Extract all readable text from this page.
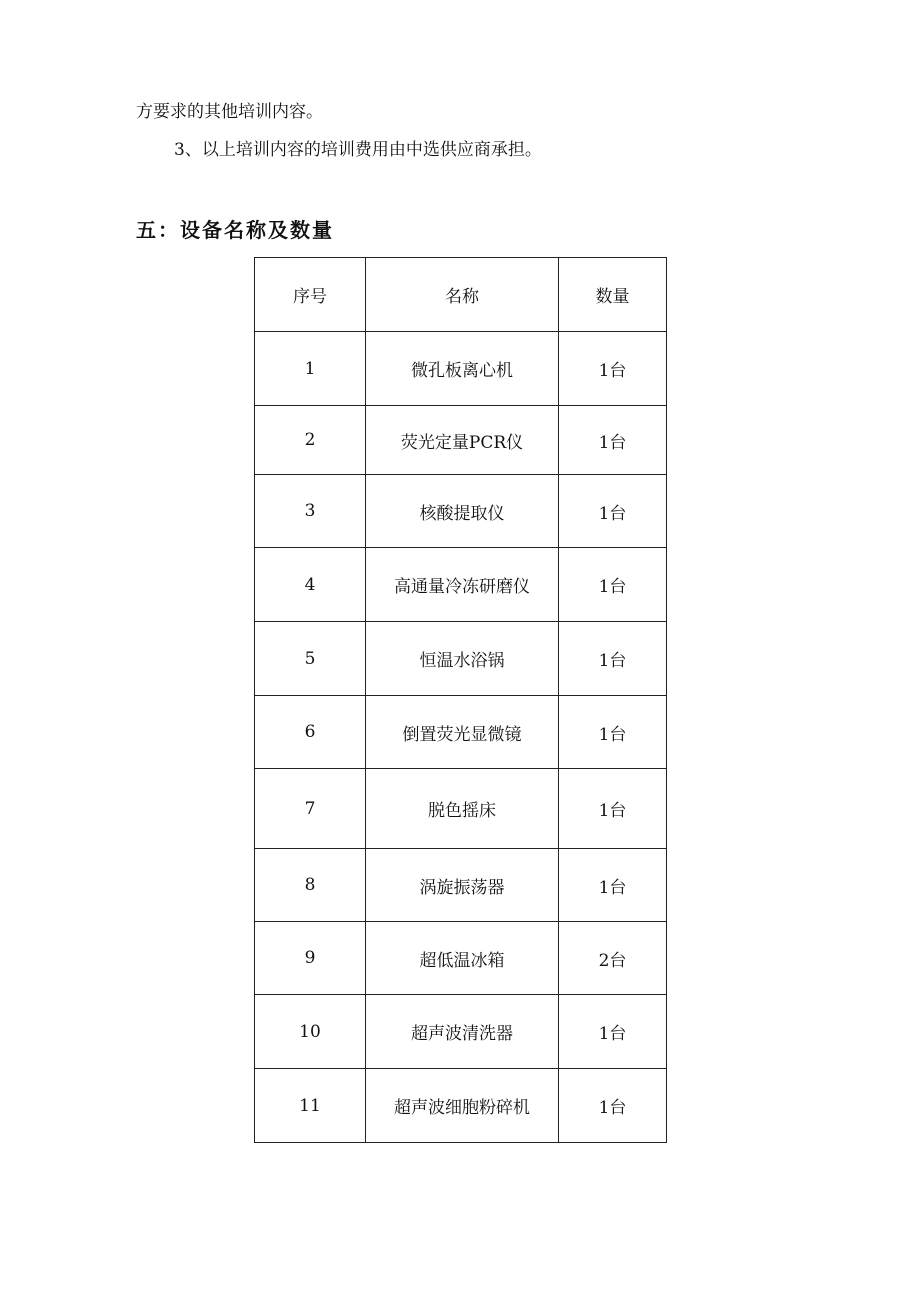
方要求的其他培训内容。
3、以上培训内容的培训费用由中选供应商承担。
五：设备名称及数量
序号	名称	数量
1	微孔板离心机	1台
2	荧光定量PCR仪	1台
3	核酸提取仪	1台
4	高通量冷冻研磨仪	1台
5	恒温水浴锅	1台
6	倒置荧光显微镜	1台
7	脱色摇床	1台
8	涡旋振荡器	1台
9	超低温冰箱	2台
10	超声波清洗器	1台
11	超声波细胞粉碎机	1台
